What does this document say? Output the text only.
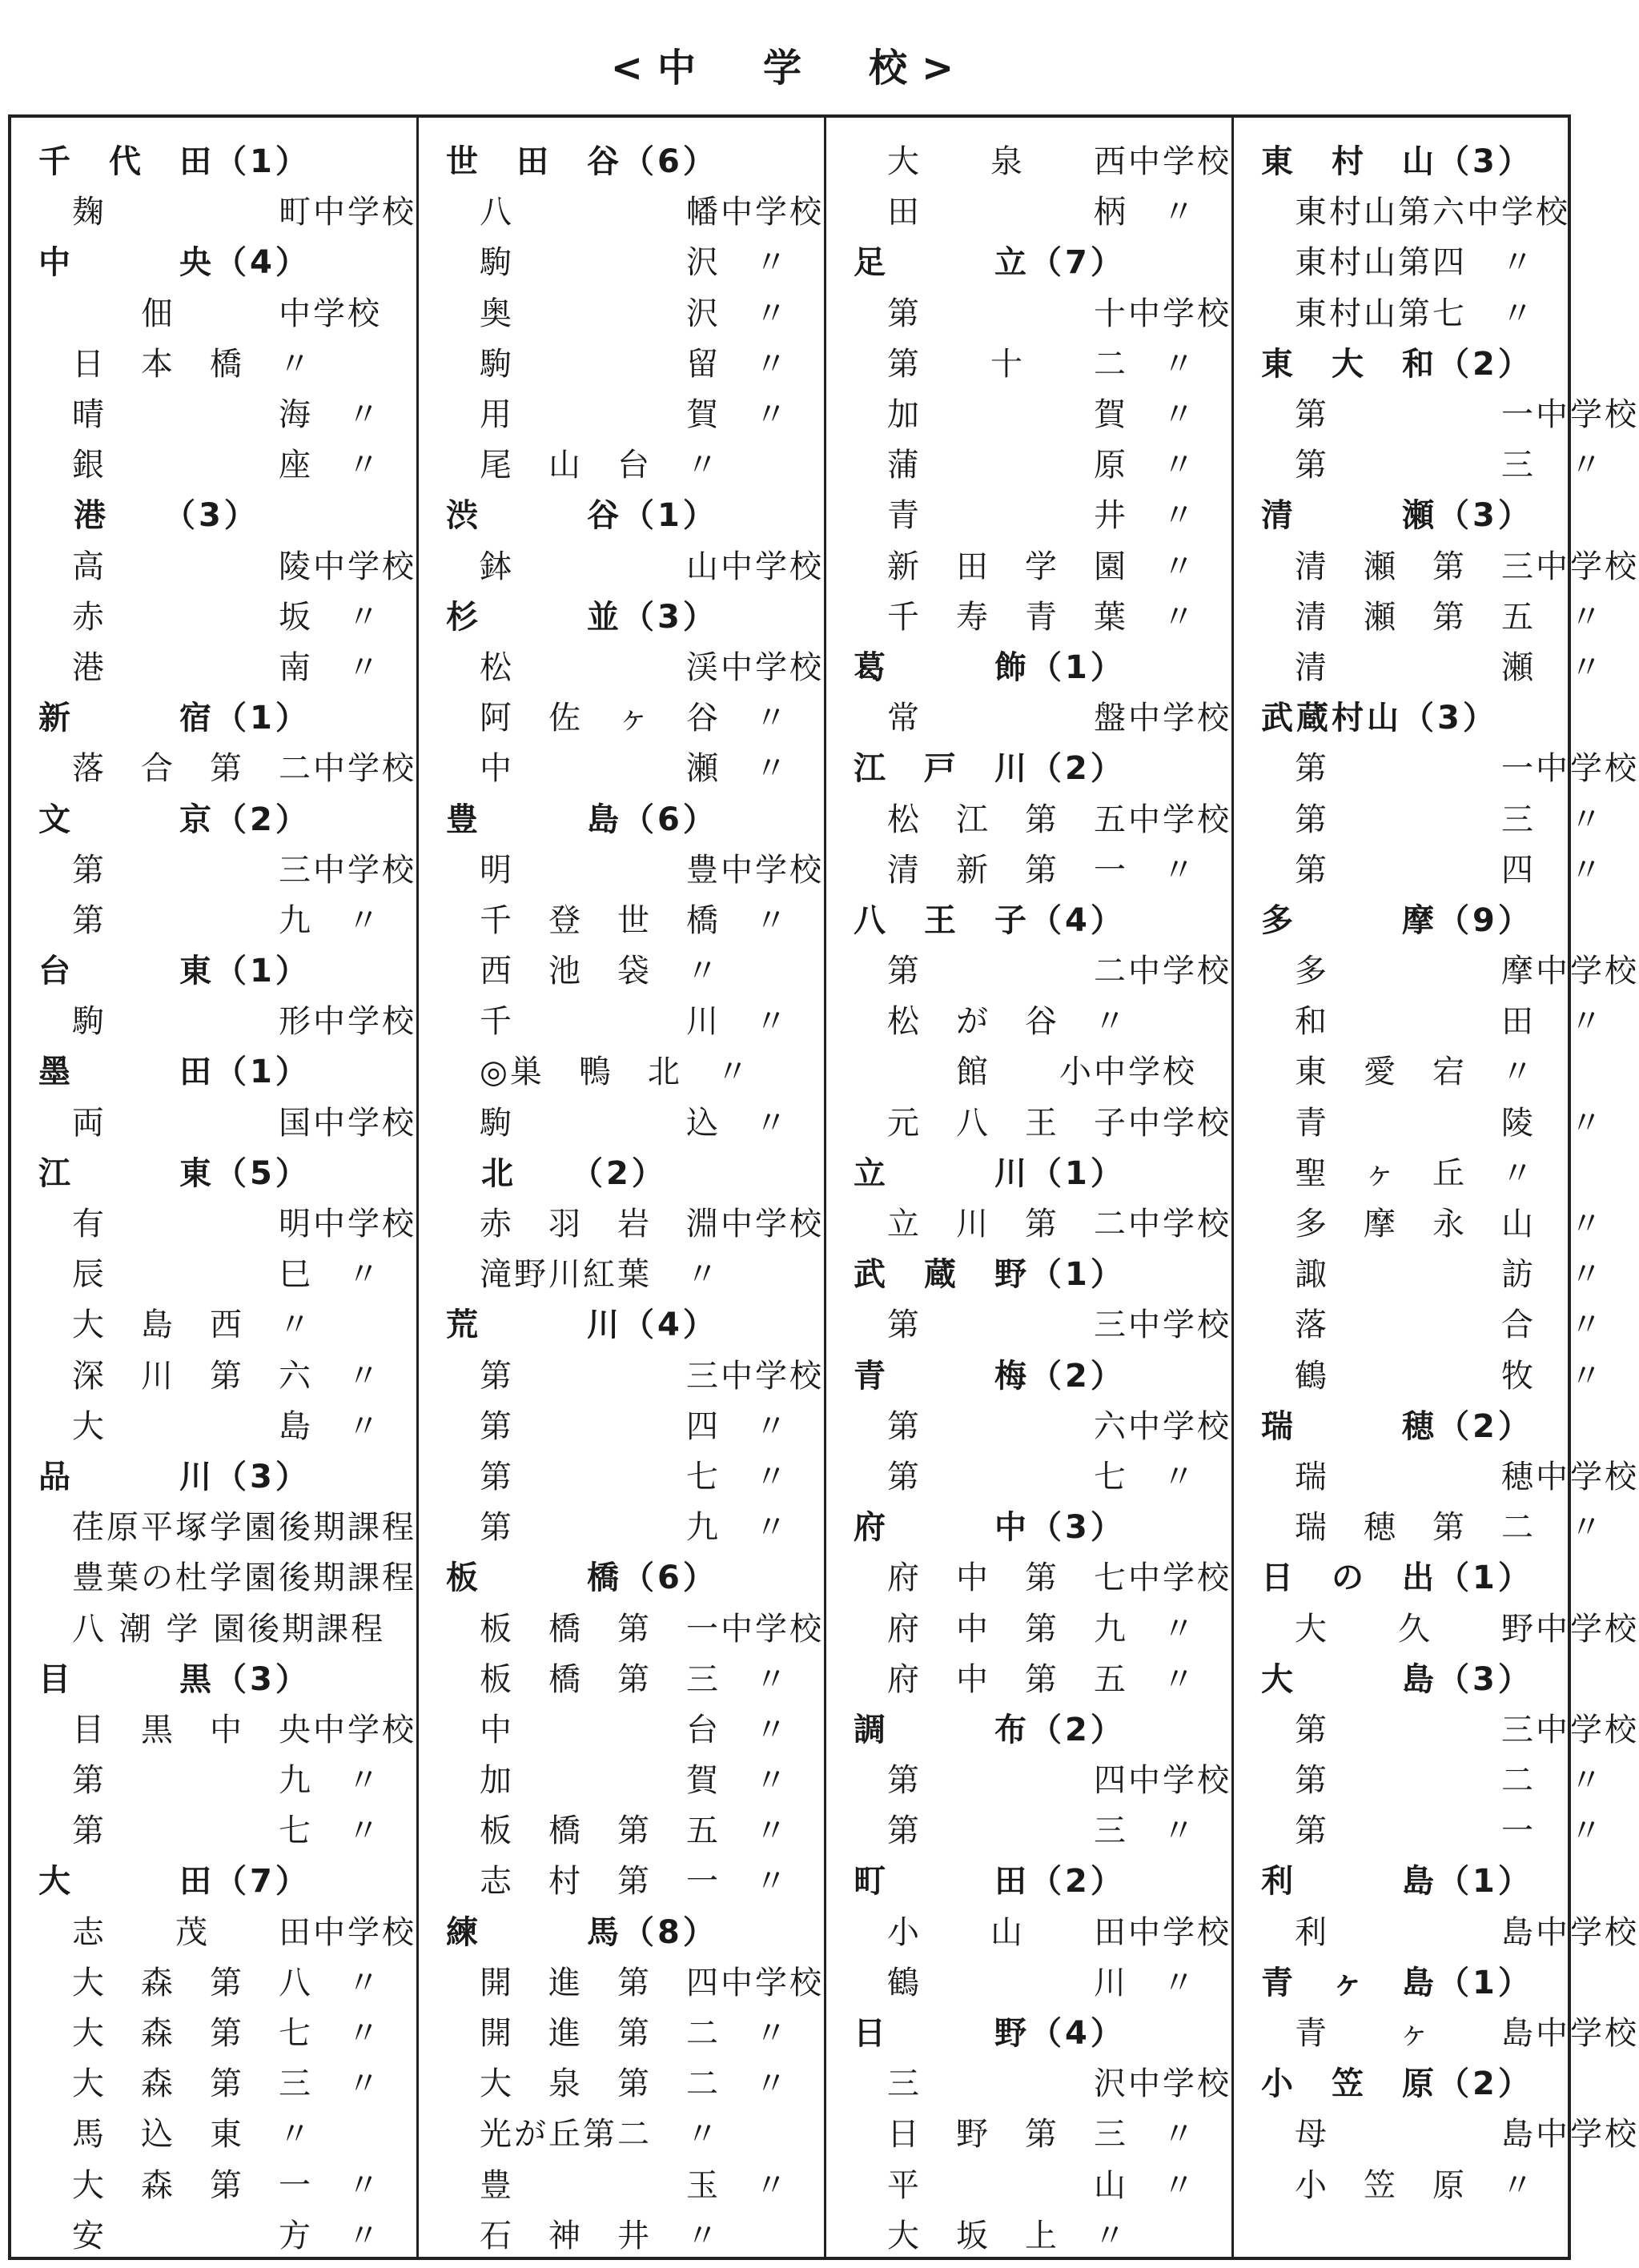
<中　学　校>
千　代　田（1）
麹　　　　　町中学校
中　　　央（4）
　　佃　　　中学校
日　本　橋　〃
晴　　　　　海　〃
銀　　　　　座　〃
　港　　（3）
高　　　　　陵中学校
赤　　　　　坂　〃
港　　　　　南　〃
新　　　宿（1）
落　合　第　二中学校
文　　　京（2）
第　　　　　三中学校
第　　　　　九　〃
台　　　東（1）
駒　　　　　形中学校
墨　　　田（1）
両　　　　　国中学校
江　　　東（5）
有　　　　　明中学校
辰　　　　　巳　〃
大　島　西　〃
深　川　第　六　〃
大　　　　　島　〃
品　　　川（3）
荏原平塚学園後期課程
豊葉の杜学園後期課程
八 潮 学 園後期課程
目　　　黒（3）
目　黒　中　央中学校
第　　　　　九　〃
第　　　　　七　〃
大　　　田（7）
志　　茂　　田中学校
大　森　第　八　〃
大　森　第　七　〃
大　森　第　三　〃
馬　込　東　〃
大　森　第　一　〃
安　　　　　方　〃
世　田　谷（6）
八　　　　　幡中学校
駒　　　　　沢　〃
奥　　　　　沢　〃
駒　　　　　留　〃
用　　　　　賀　〃
尾　山　台　〃
渋　　　谷（1）
鉢　　　　　山中学校
杉　　　並（3）
松　　　　　渓中学校
阿　佐　ヶ　谷　〃
中　　　　　瀬　〃
豊　　　島（6）
明　　　　　豊中学校
千　登　世　橋　〃
西　池　袋　〃
千　　　　　川　〃
◎巣　鴨　北　〃
駒　　　　　込　〃
　北　　（2）
赤　羽　岩　淵中学校
滝野川紅葉　〃
荒　　　川（4）
第　　　　　三中学校
第　　　　　四　〃
第　　　　　七　〃
第　　　　　九　〃
板　　　橋（6）
板　橋　第　一中学校
板　橋　第　三　〃
中　　　　　台　〃
加　　　　　賀　〃
板　橋　第　五　〃
志　村　第　一　〃
練　　　馬（8）
開　進　第　四中学校
開　進　第　二　〃
大　泉　第　二　〃
光が丘第二　〃
豊　　　　　玉　〃
石　神　井　〃
大　　泉　　西中学校
田　　　　　柄　〃
足　　　立（7）
第　　　　　十中学校
第　　十　　二　〃
加　　　　　賀　〃
蒲　　　　　原　〃
青　　　　　井　〃
新　田　学　園　〃
千　寿　青　葉　〃
葛　　　飾（1）
常　　　　　盤中学校
江　戸　川（2）
松　江　第　五中学校
清　新　第　一　〃
八　王　子（4）
第　　　　　二中学校
松　が　谷　〃
　　館　　小中学校
元　八　王　子中学校
立　　　川（1）
立　川　第　二中学校
武　蔵　野（1）
第　　　　　三中学校
青　　　梅（2）
第　　　　　六中学校
第　　　　　七　〃
府　　　中（3）
府　中　第　七中学校
府　中　第　九　〃
府　中　第　五　〃
調　　　布（2）
第　　　　　四中学校
第　　　　　三　〃
町　　　田（2）
小　　山　　田中学校
鶴　　　　　川　〃
日　　　野（4）
三　　　　　沢中学校
日　野　第　三　〃
平　　　　　山　〃
大　坂　上　〃
東　村　山（3）
東村山第六中学校
東村山第四　〃
東村山第七　〃
東　大　和（2）
第　　　　　一中学校
第　　　　　三　〃
清　　　瀬（3）
清　瀬　第　三中学校
清　瀬　第　五　〃
清　　　　　瀬　〃
武蔵村山（3）
第　　　　　一中学校
第　　　　　三　〃
第　　　　　四　〃
多　　　摩（9）
多　　　　　摩中学校
和　　　　　田　〃
東　愛　宕　〃
青　　　　　陵　〃
聖　ヶ　丘　〃
多　摩　永　山　〃
諏　　　　　訪　〃
落　　　　　合　〃
鶴　　　　　牧　〃
瑞　　　穂（2）
瑞　　　　　穂中学校
瑞　穂　第　二　〃
日　の　出（1）
大　　久　　野中学校
大　　　島（3）
第　　　　　三中学校
第　　　　　二　〃
第　　　　　一　〃
利　　　島（1）
利　　　　　島中学校
青　ヶ　島（1）
青　　ヶ　　島中学校
小　笠　原（2）
母　　　　　島中学校
小　笠　原　〃
